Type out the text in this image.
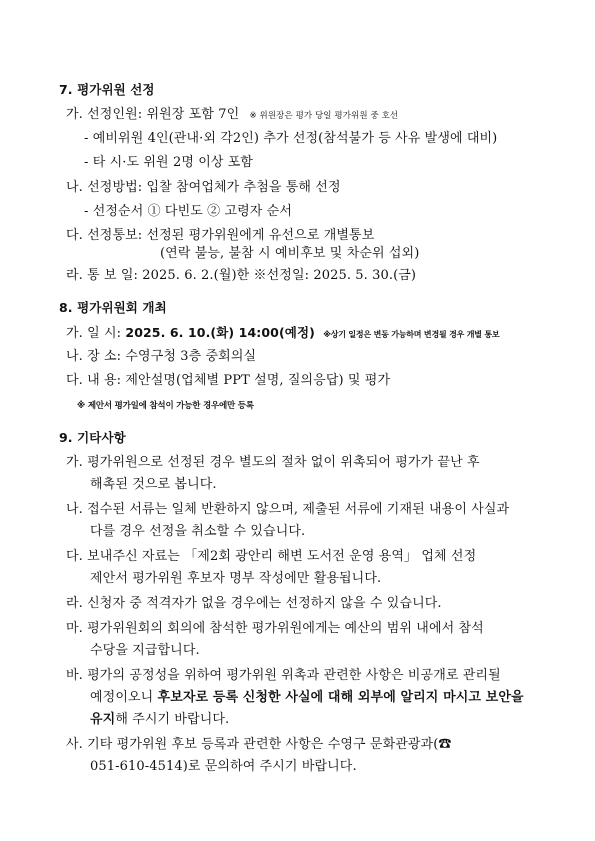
7. 평가위원 선정
가. 선정인원: 위원장 포함 7인 ※ 위원장은 평가 당일 평가위원 중 호선
- 예비위원 4인(관내·외 각2인) 추가 선정(참석불가 등 사유 발생에 대비)
- 타 시·도 위원 2명 이상 포함
나. 선정방법: 입찰 참여업체가 추첨을 통해 선정
- 선정순서 ① 다빈도 ② 고령자 순서
다. 선정통보: 선정된 평가위원에게 유선으로 개별통보
(연락 불능, 불참 시 예비후보 및 차순위 섭외)
라. 통 보 일: 2025. 6. 2.(월)한 ※선정일: 2025. 5. 30.(금)
8. 평가위원회 개최
가. 일 시: 2025. 6. 10.(화) 14:00(예정) ※상기 일정은 변동 가능하며 변경될 경우 개별 통보
나. 장 소: 수영구청 3층 중회의실
다. 내 용: 제안설명(업체별 PPT 설명, 질의응답) 및 평가
※ 제안서 평가일에 참석이 가능한 경우에만 등록
9. 기타사항
가. 평가위원으로 선정된 경우 별도의 절차 없이 위촉되어 평가가 끝난 후
해촉된 것으로 봅니다.
나. 접수된 서류는 일체 반환하지 않으며, 제출된 서류에 기재된 내용이 사실과
다를 경우 선정을 취소할 수 있습니다.
다. 보내주신 자료는 「제2회 광안리 해변 도서전 운영 용역」 업체 선정
제안서 평가위원 후보자 명부 작성에만 활용됩니다.
라. 신청자 중 적격자가 없을 경우에는 선정하지 않을 수 있습니다.
마. 평가위원회의 회의에 참석한 평가위원에게는 예산의 범위 내에서 참석
수당을 지급합니다.
바. 평가의 공정성을 위하여 평가위원 위촉과 관련한 사항은 비공개로 관리될
예정이오니 후보자로 등록 신청한 사실에 대해 외부에 알리지 마시고 보안을
유지해 주시기 바랍니다.
사. 기타 평가위원 후보 등록과 관련한 사항은 수영구 문화관광과(☎
051-610-4514)로 문의하여 주시기 바랍니다.
